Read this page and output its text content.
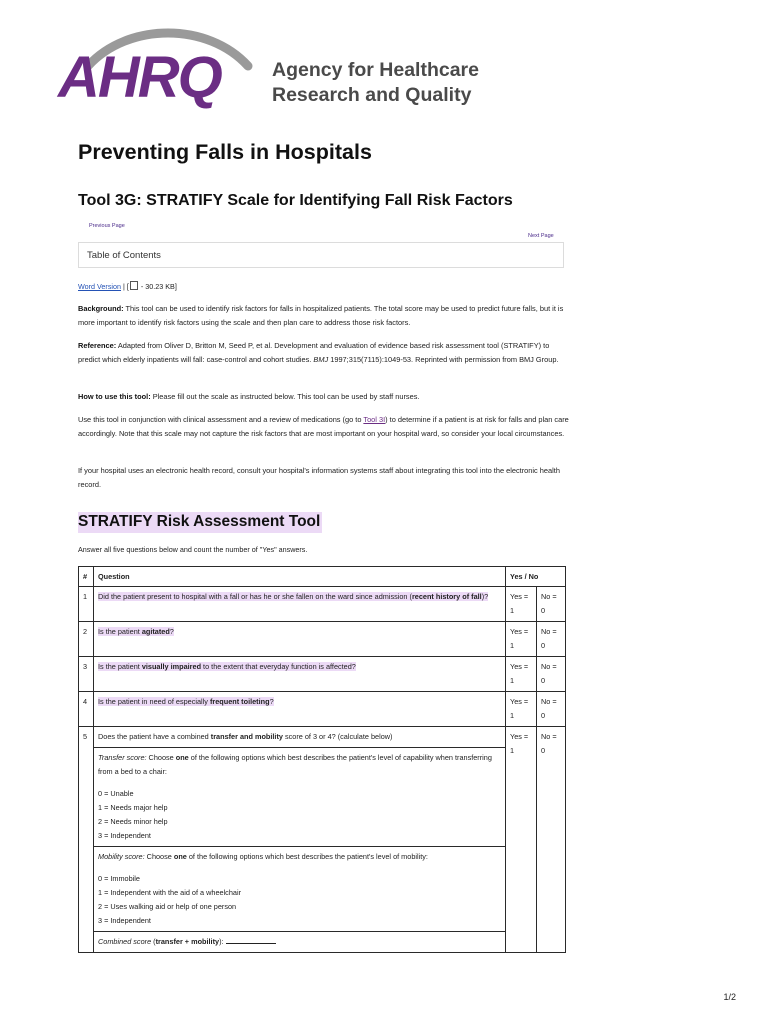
AHRQ	Agency for Healthcare
Research and Quality
Preventing Falls in Hospitals
Tool 3G: STRATIFY Scale for Identifying Fall Risk Factors
Previous Page
Next Page
Table of Contents
Word Version | [ - 30.23 KB]

Background: This tool can be used to identify risk factors for falls in hospitalized patients. The total score may be used to predict future falls, but it is more important to identify risk factors using the scale and then plan care to address those risk factors.

Reference: Adapted from Oliver D, Britton M, Seed P, et al. Development and evaluation of evidence based risk assessment tool (STRATIFY) to predict which elderly inpatients will fall: case-control and cohort studies. BMJ 1997;315(7115):1049-53. Reprinted with permission from BMJ Group.

How to use this tool: Please fill out the scale as instructed below. This tool can be used by staff nurses.

Use this tool in conjunction with clinical assessment and a review of medications (go to Tool 3I) to determine if a patient is at risk for falls and plan care accordingly. Note that this scale may not capture the risk factors that are most important on your hospital ward, so consider your local circumstances.

If your hospital uses an electronic health record, consult your hospital's information systems staff about integrating this tool into the electronic health record.

STRATIFY Risk Assessment Tool
Answer all five questions below and count the number of "Yes" answers.
#	Question	Yes / No	
1	Did the patient present to hospital with a fall or has he or she fallen on the ward since admission (recent history of fall)?	Yes = 1	No = 0
2	Is the patient agitated?	Yes = 1	No = 0
3	Is the patient visually impaired to the extent that everyday function is affected?	Yes = 1	No = 0
4	Is the patient in need of especially frequent toileting?	Yes = 1	No = 0
5	Does the patient have a combined transfer and mobility score of 3 or 4? (calculate below)	Yes = 1	No = 0

	Transfer score: Choose one of the following options which best describes the patient's level of capability when transferring from a bed to a chair:
0 = Unable
1 = Needs major help
2 = Needs minor help
3 = Independent		

	Mobility score: Choose one of the following options which best describes the patient's level of mobility:
0 = Immobile
1 = Independent with the aid of a wheelchair
2 = Uses walking aid or help of one person
3 = Independent		

	Combined score (transfer + mobility):		
1/2
